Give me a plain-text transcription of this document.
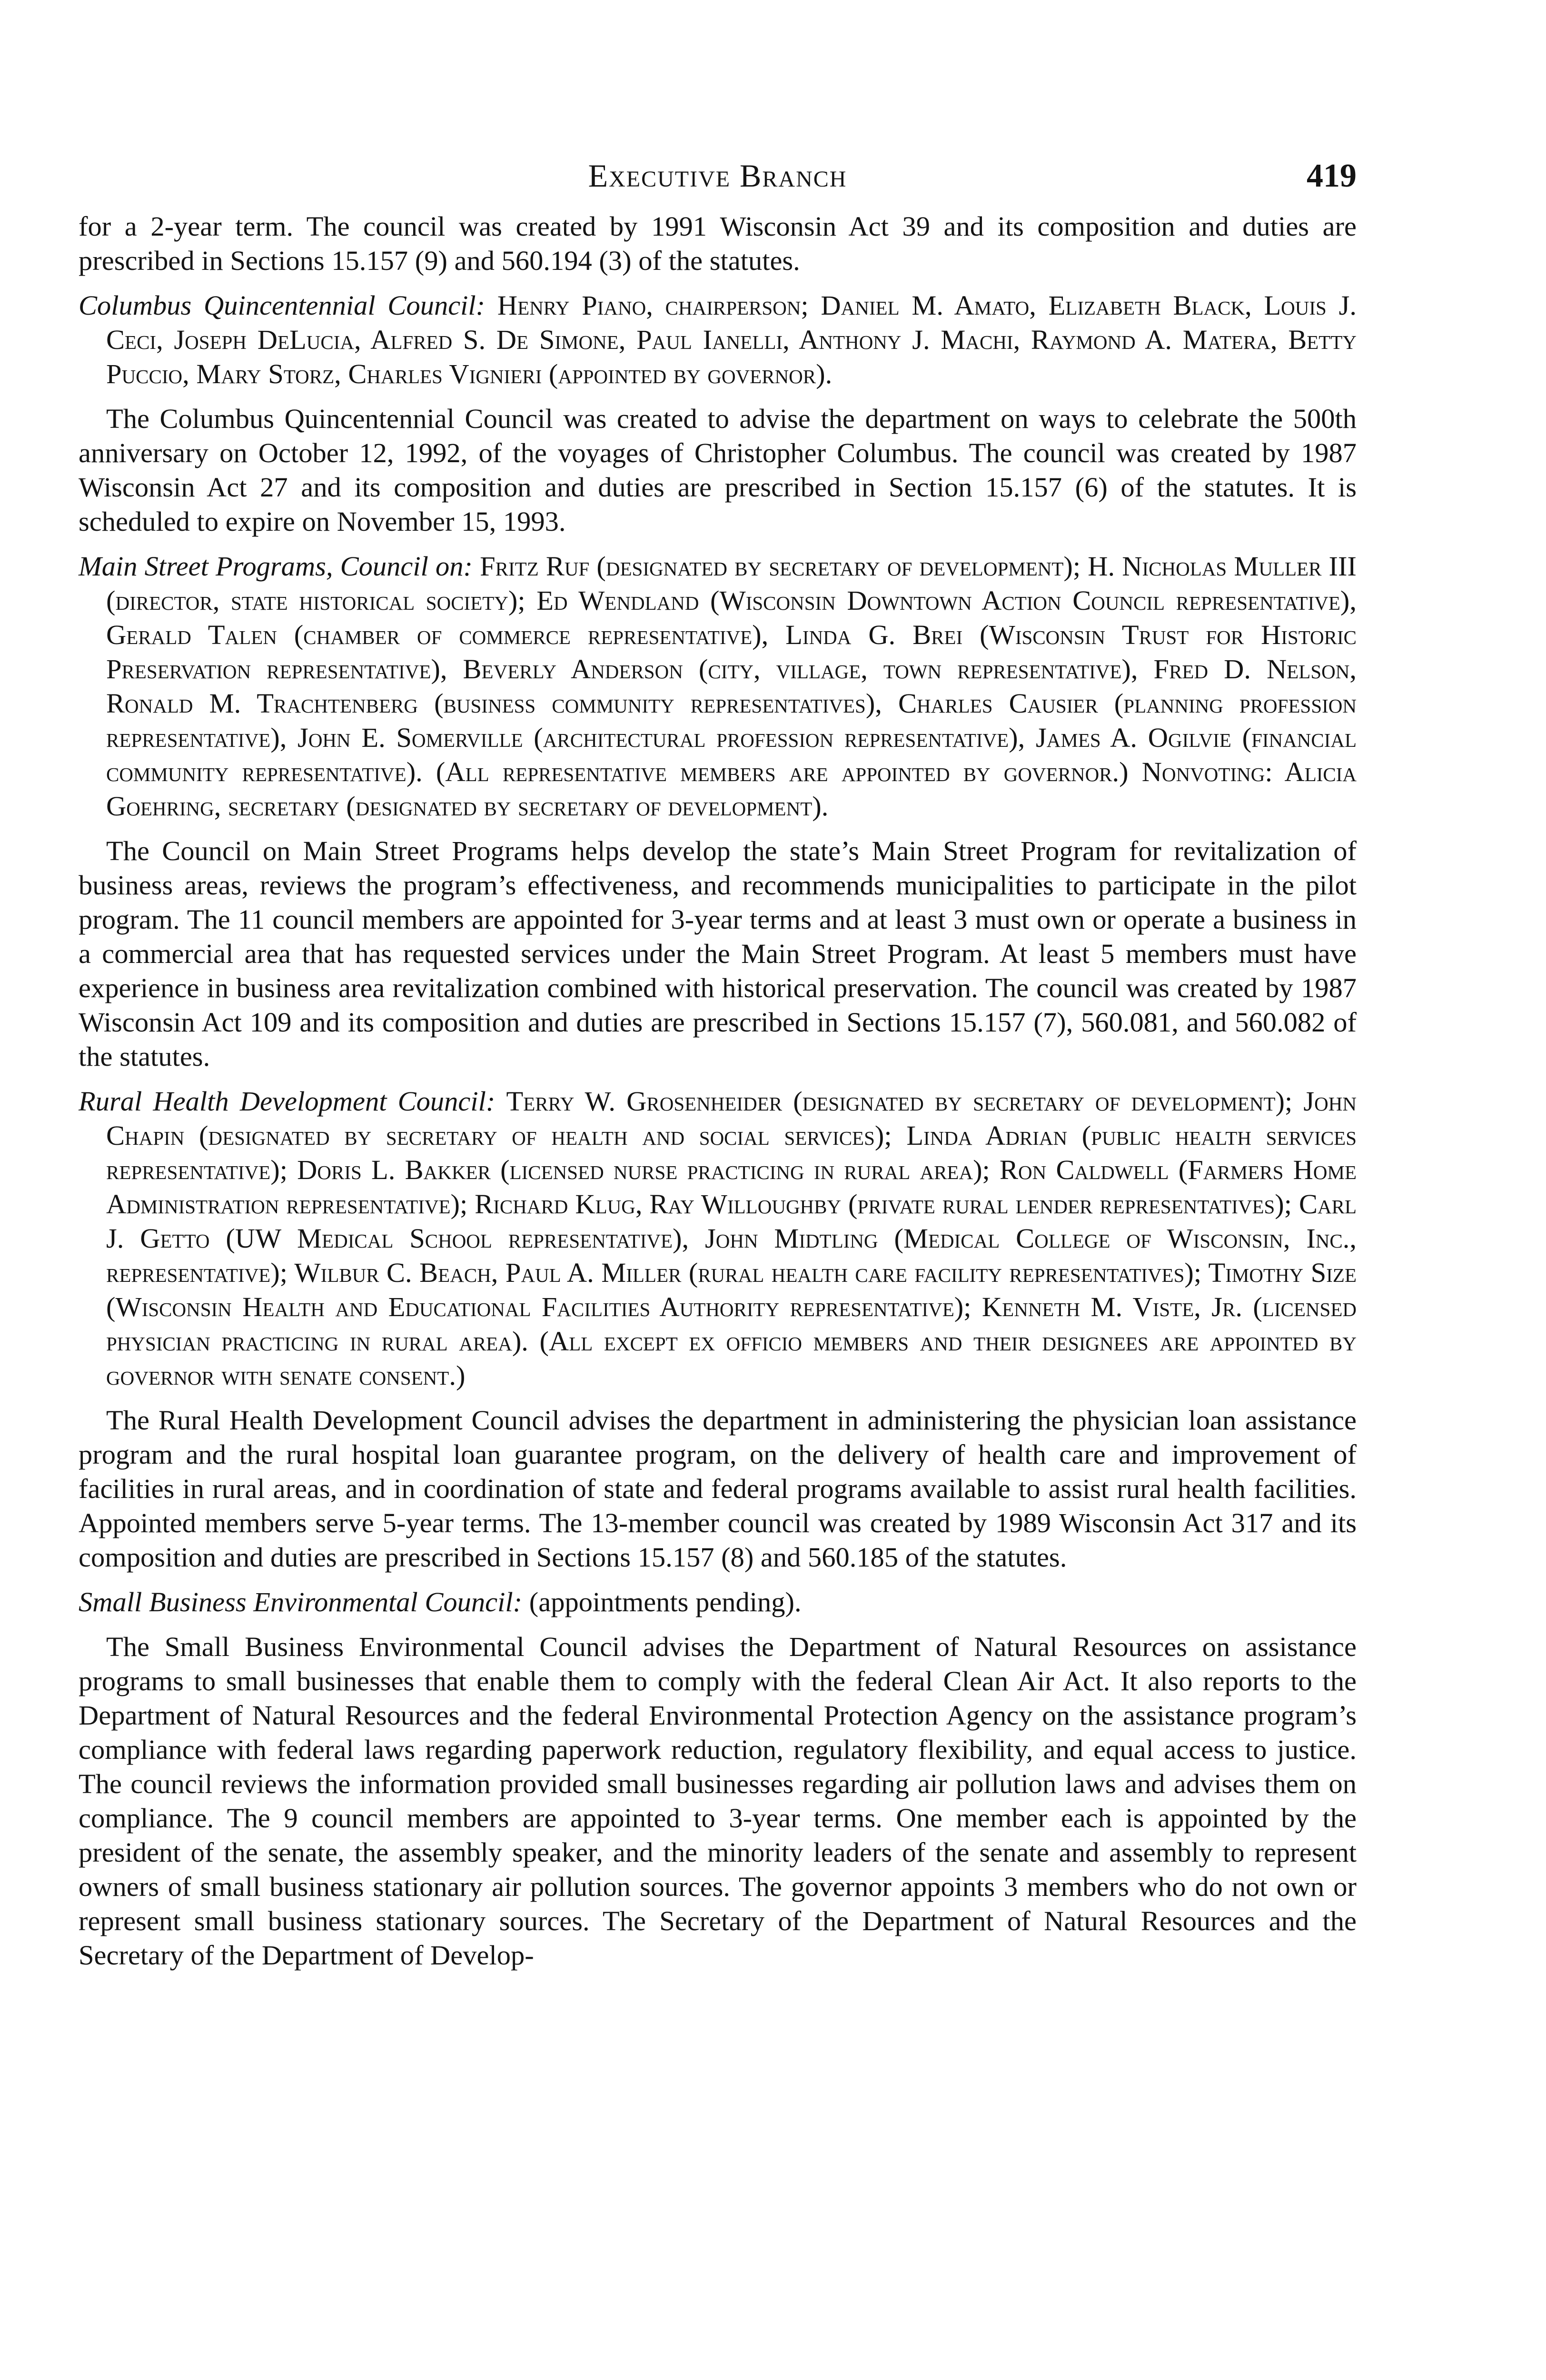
Executive Branch	419

for a 2-year term. The council was created by 1991 Wisconsin Act 39 and its composition and duties are prescribed in Sections 15.157 (9) and 560.194 (3) of the statutes.

Columbus Quincentennial Council: Henry Piano, chairperson; Daniel M. Amato, Elizabeth Black, Louis J. Ceci, Joseph DeLucia, Alfred S. De Simone, Paul Ianelli, Anthony J. Machi, Raymond A. Matera, Betty Puccio, Mary Storz, Charles Vignieri (appointed by governor).

The Columbus Quincentennial Council was created to advise the department on ways to celebrate the 500th anniversary on October 12, 1992, of the voyages of Christopher Columbus. The council was created by 1987 Wisconsin Act 27 and its composition and duties are prescribed in Section 15.157 (6) of the statutes. It is scheduled to expire on November 15, 1993.

Main Street Programs, Council on: Fritz Ruf (designated by secretary of development); H. Nicholas Muller III (director, state historical society); Ed Wendland (Wisconsin Downtown Action Council representative), Gerald Talen (chamber of commerce representative), Linda G. Brei (Wisconsin Trust for Historic Preservation representative), Beverly Anderson (city, village, town representative), Fred D. Nelson, Ronald M. Trachtenberg (business community representatives), Charles Causier (planning profession representative), John E. Somerville (architectural profession representative), James A. Ogilvie (financial community representative). (All representative members are appointed by governor.) Nonvoting: Alicia Goehring, secretary (designated by secretary of development).

The Council on Main Street Programs helps develop the state’s Main Street Program for revitalization of business areas, reviews the program’s effectiveness, and recommends municipalities to participate in the pilot program. The 11 council members are appointed for 3-year terms and at least 3 must own or operate a business in a commercial area that has requested services under the Main Street Program. At least 5 members must have experience in business area revitalization combined with historical preservation. The council was created by 1987 Wisconsin Act 109 and its composition and duties are prescribed in Sections 15.157 (7), 560.081, and 560.082 of the statutes.

Rural Health Development Council: Terry W. Grosenheider (designated by secretary of development); John Chapin (designated by secretary of health and social services); Linda Adrian (public health services representative); Doris L. Bakker (licensed nurse practicing in rural area); Ron Caldwell (Farmers Home Administration representative); Richard Klug, Ray Willoughby (private rural lender representatives); Carl J. Getto (UW Medical School representative), John Midtling (Medical College of Wisconsin, Inc., representative); Wilbur C. Beach, Paul A. Miller (rural health care facility representatives); Timothy Size (Wisconsin Health and Educational Facilities Authority representative); Kenneth M. Viste, Jr. (licensed physician practicing in rural area). (All except ex officio members and their designees are appointed by governor with senate consent.)

The Rural Health Development Council advises the department in administering the physician loan assistance program and the rural hospital loan guarantee program, on the delivery of health care and improvement of facilities in rural areas, and in coordination of state and federal programs available to assist rural health facilities. Appointed members serve 5-year terms. The 13-member council was created by 1989 Wisconsin Act 317 and its composition and duties are prescribed in Sections 15.157 (8) and 560.185 of the statutes.

Small Business Environmental Council: (appointments pending).

The Small Business Environmental Council advises the Department of Natural Resources on assistance programs to small businesses that enable them to comply with the federal Clean Air Act. It also reports to the Department of Natural Resources and the federal Environmental Protection Agency on the assistance program’s compliance with federal laws regarding paperwork reduction, regulatory flexibility, and equal access to justice. The council reviews the information provided small businesses regarding air pollution laws and advises them on compliance. The 9 council members are appointed to 3-year terms. One member each is appointed by the president of the senate, the assembly speaker, and the minority leaders of the senate and assembly to represent owners of small business stationary air pollution sources. The governor appoints 3 members who do not own or represent small business stationary sources. The Secretary of the Department of Natural Resources and the Secretary of the Department of Develop-
